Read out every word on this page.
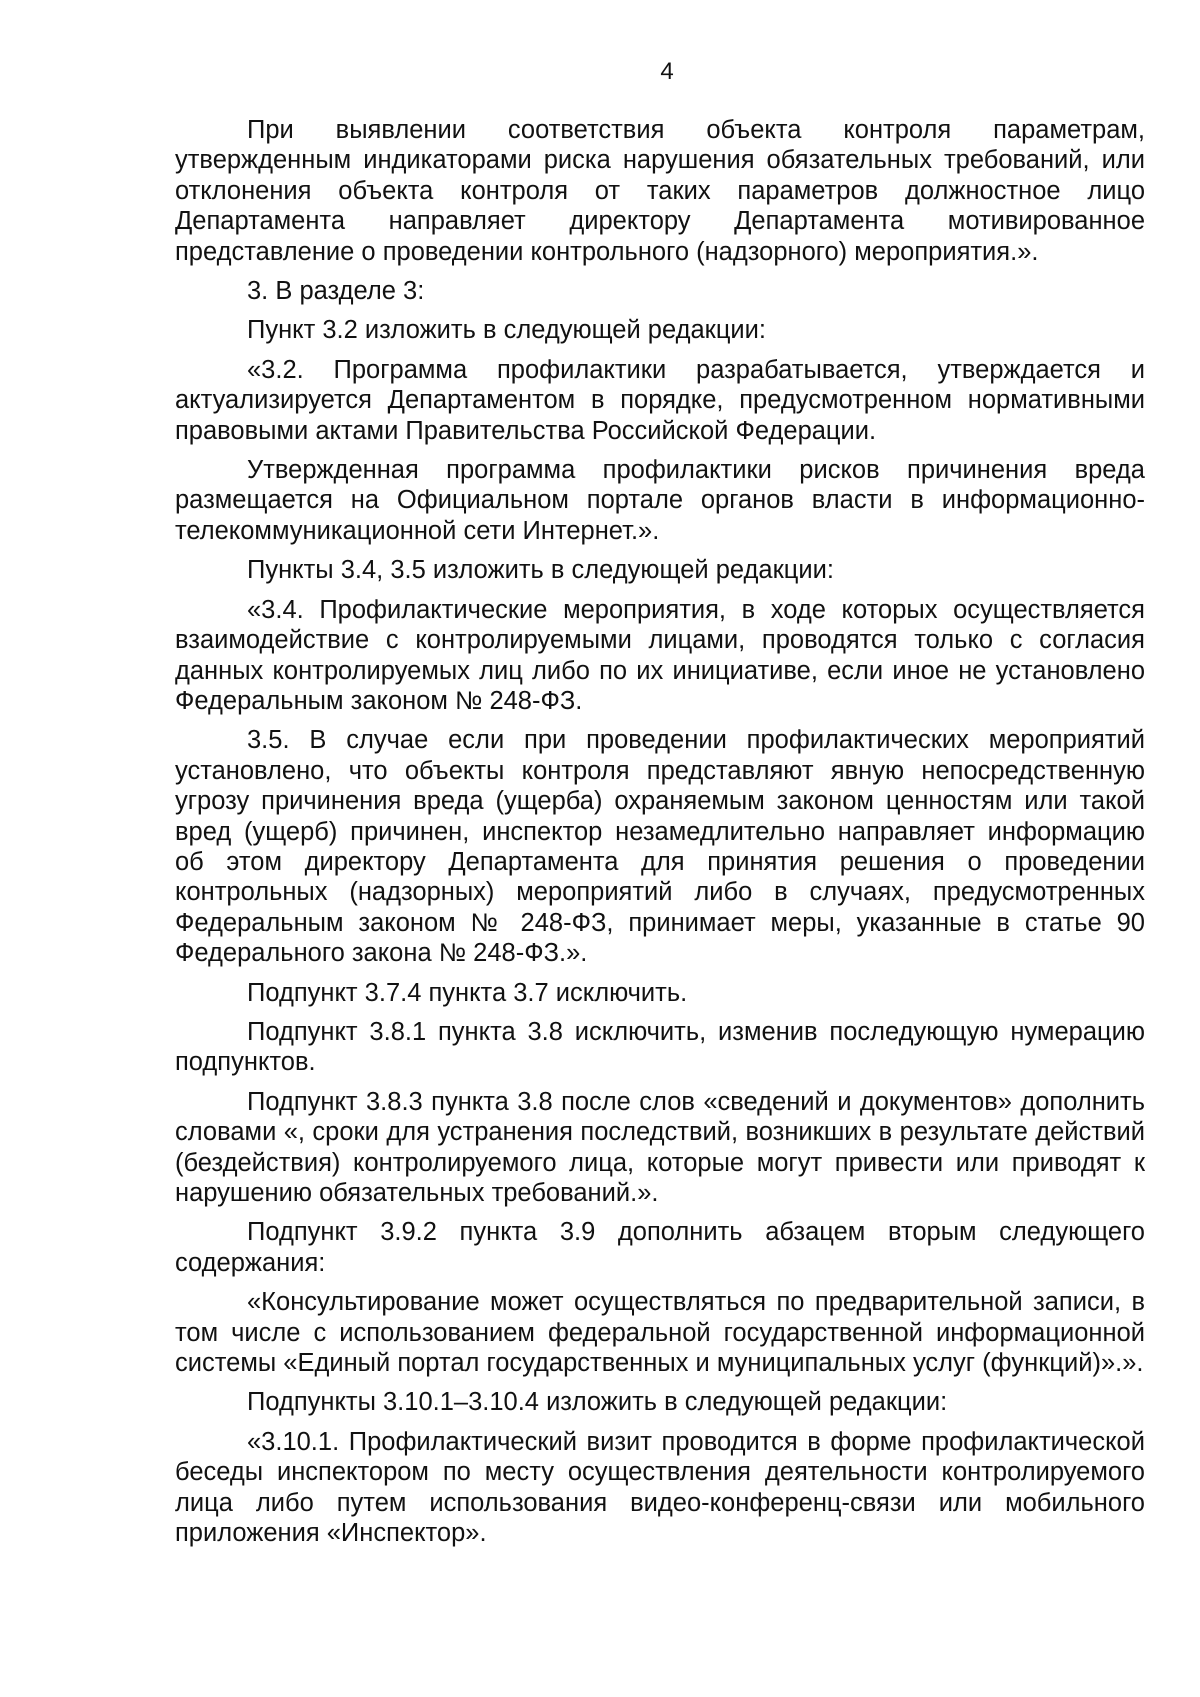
4

При выявлении соответствия объекта контроля параметрам, утвержденным индикаторами риска нарушения обязательных требований, или отклонения объекта контроля от таких параметров должностное лицо Департамента направляет директору Департамента мотивированное представление о проведении контрольного (надзорного) мероприятия.».

3. В разделе 3:

Пункт 3.2 изложить в следующей редакции:

«3.2. Программа профилактики разрабатывается, утверждается и актуализируется Департаментом в порядке, предусмотренном нормативными правовыми актами Правительства Российской Федерации.

Утвержденная программа профилактики рисков причинения вреда размещается на Официальном портале органов власти в информационно-телекоммуникационной сети Интернет.».

Пункты 3.4, 3.5 изложить в следующей редакции:

«3.4. Профилактические мероприятия, в ходе которых осуществляется взаимодействие с контролируемыми лицами, проводятся только с согласия данных контролируемых лиц либо по их инициативе, если иное не установлено Федеральным законом № 248-ФЗ.

3.5. В случае если при проведении профилактических мероприятий установлено, что объекты контроля представляют явную непосредственную угрозу причинения вреда (ущерба) охраняемым законом ценностям или такой вред (ущерб) причинен, инспектор незамедлительно направляет информацию об этом директору Департамента для принятия решения о проведении контрольных (надзорных) мероприятий либо в случаях, предусмотренных Федеральным законом № 248-ФЗ, принимает меры, указанные в статье 90 Федерального закона № 248-ФЗ.».

Подпункт 3.7.4 пункта 3.7 исключить.

Подпункт 3.8.1 пункта 3.8 исключить, изменив последующую нумерацию подпунктов.

Подпункт 3.8.3 пункта 3.8 после слов «сведений и документов» дополнить словами «, сроки для устранения последствий, возникших в результате действий (бездействия) контролируемого лица, которые могут привести или приводят к нарушению обязательных требований.».

Подпункт 3.9.2 пункта 3.9 дополнить абзацем вторым следующего содержания:

«Консультирование может осуществляться по предварительной записи, в том числе с использованием федеральной государственной информационной системы «Единый портал государственных и муниципальных услуг (функций)».».

Подпункты 3.10.1–3.10.4 изложить в следующей редакции:

«3.10.1. Профилактический визит проводится в форме профилактической беседы инспектором по месту осуществления деятельности контролируемого лица либо путем использования видео-конференц-связи или мобильного приложения «Инспектор».
